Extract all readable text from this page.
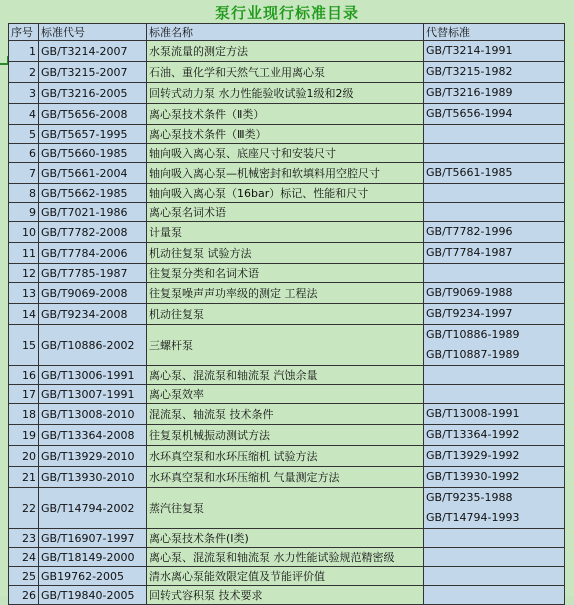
泵行业现行标准目录
序号	标准代号	标准名称	代替标准
1	GB/T3214-2007	水泵流量的测定方法	GB/T3214-1991

2	GB/T3215-2007	石油、重化学和天然气工业用离心泵	GB/T3215-1982

3	GB/T3216-2005	回转式动力泵 水力性能验收试验1级和2级	GB/T3216-1989

4	GB/T5656-2008	离心泵技术条件（Ⅱ类）	GB/T5656-1994

5	GB/T5657-1995	离心泵技术条件（Ⅲ类）	
6	GB/T5660-1985	轴向吸入离心泵、底座尺寸和安装尺寸	
7	GB/T5661-2004	轴向吸入离心泵—机械密封和软填料用空腔尺寸	GB/T5661-1985

8	GB/T5662-1985	轴向吸入离心泵（16bar）标记、性能和尺寸	
9	GB/T7021-1986	离心泵名词术语	
10	GB/T7782-2008	计量泵	GB/T7782-1996

11	GB/T7784-2006	机动往复泵 试验方法	GB/T7784-1987

12	GB/T7785-1987	往复泵分类和名词术语	
13	GB/T9069-2008	往复泵噪声声功率级的测定 工程法	GB/T9069-1988

14	GB/T9234-2008	机动往复泵	GB/T9234-1997

15	GB/T10886-2002	三螺杆泵	GB/T10886-1989
GB/T10887-1989

16	GB/T13006-1991	离心泵、混流泵和轴流泵 汽蚀余量	
17	GB/T13007-1991	离心泵效率	
18	GB/T13008-2010	混流泵、轴流泵 技术条件	GB/T13008-1991

19	GB/T13364-2008	往复泵机械振动测试方法	GB/T13364-1992

20	GB/T13929-2010	水环真空泵和水环压缩机 试验方法	GB/T13929-1992

21	GB/T13930-2010	水环真空泵和水环压缩机 气量测定方法	GB/T13930-1992

22	GB/T14794-2002	蒸汽往复泵	GB/T9235-1988
GB/T14794-1993

23	GB/T16907-1997	离心泵技术条件(Ⅰ类)	
24	GB/T18149-2000	离心泵、混流泵和轴流泵 水力性能试验规范精密级	
25	GB19762-2005	清水离心泵能效限定值及节能评价值	
26	GB/T19840-2005	回转式容积泵 技术要求	
